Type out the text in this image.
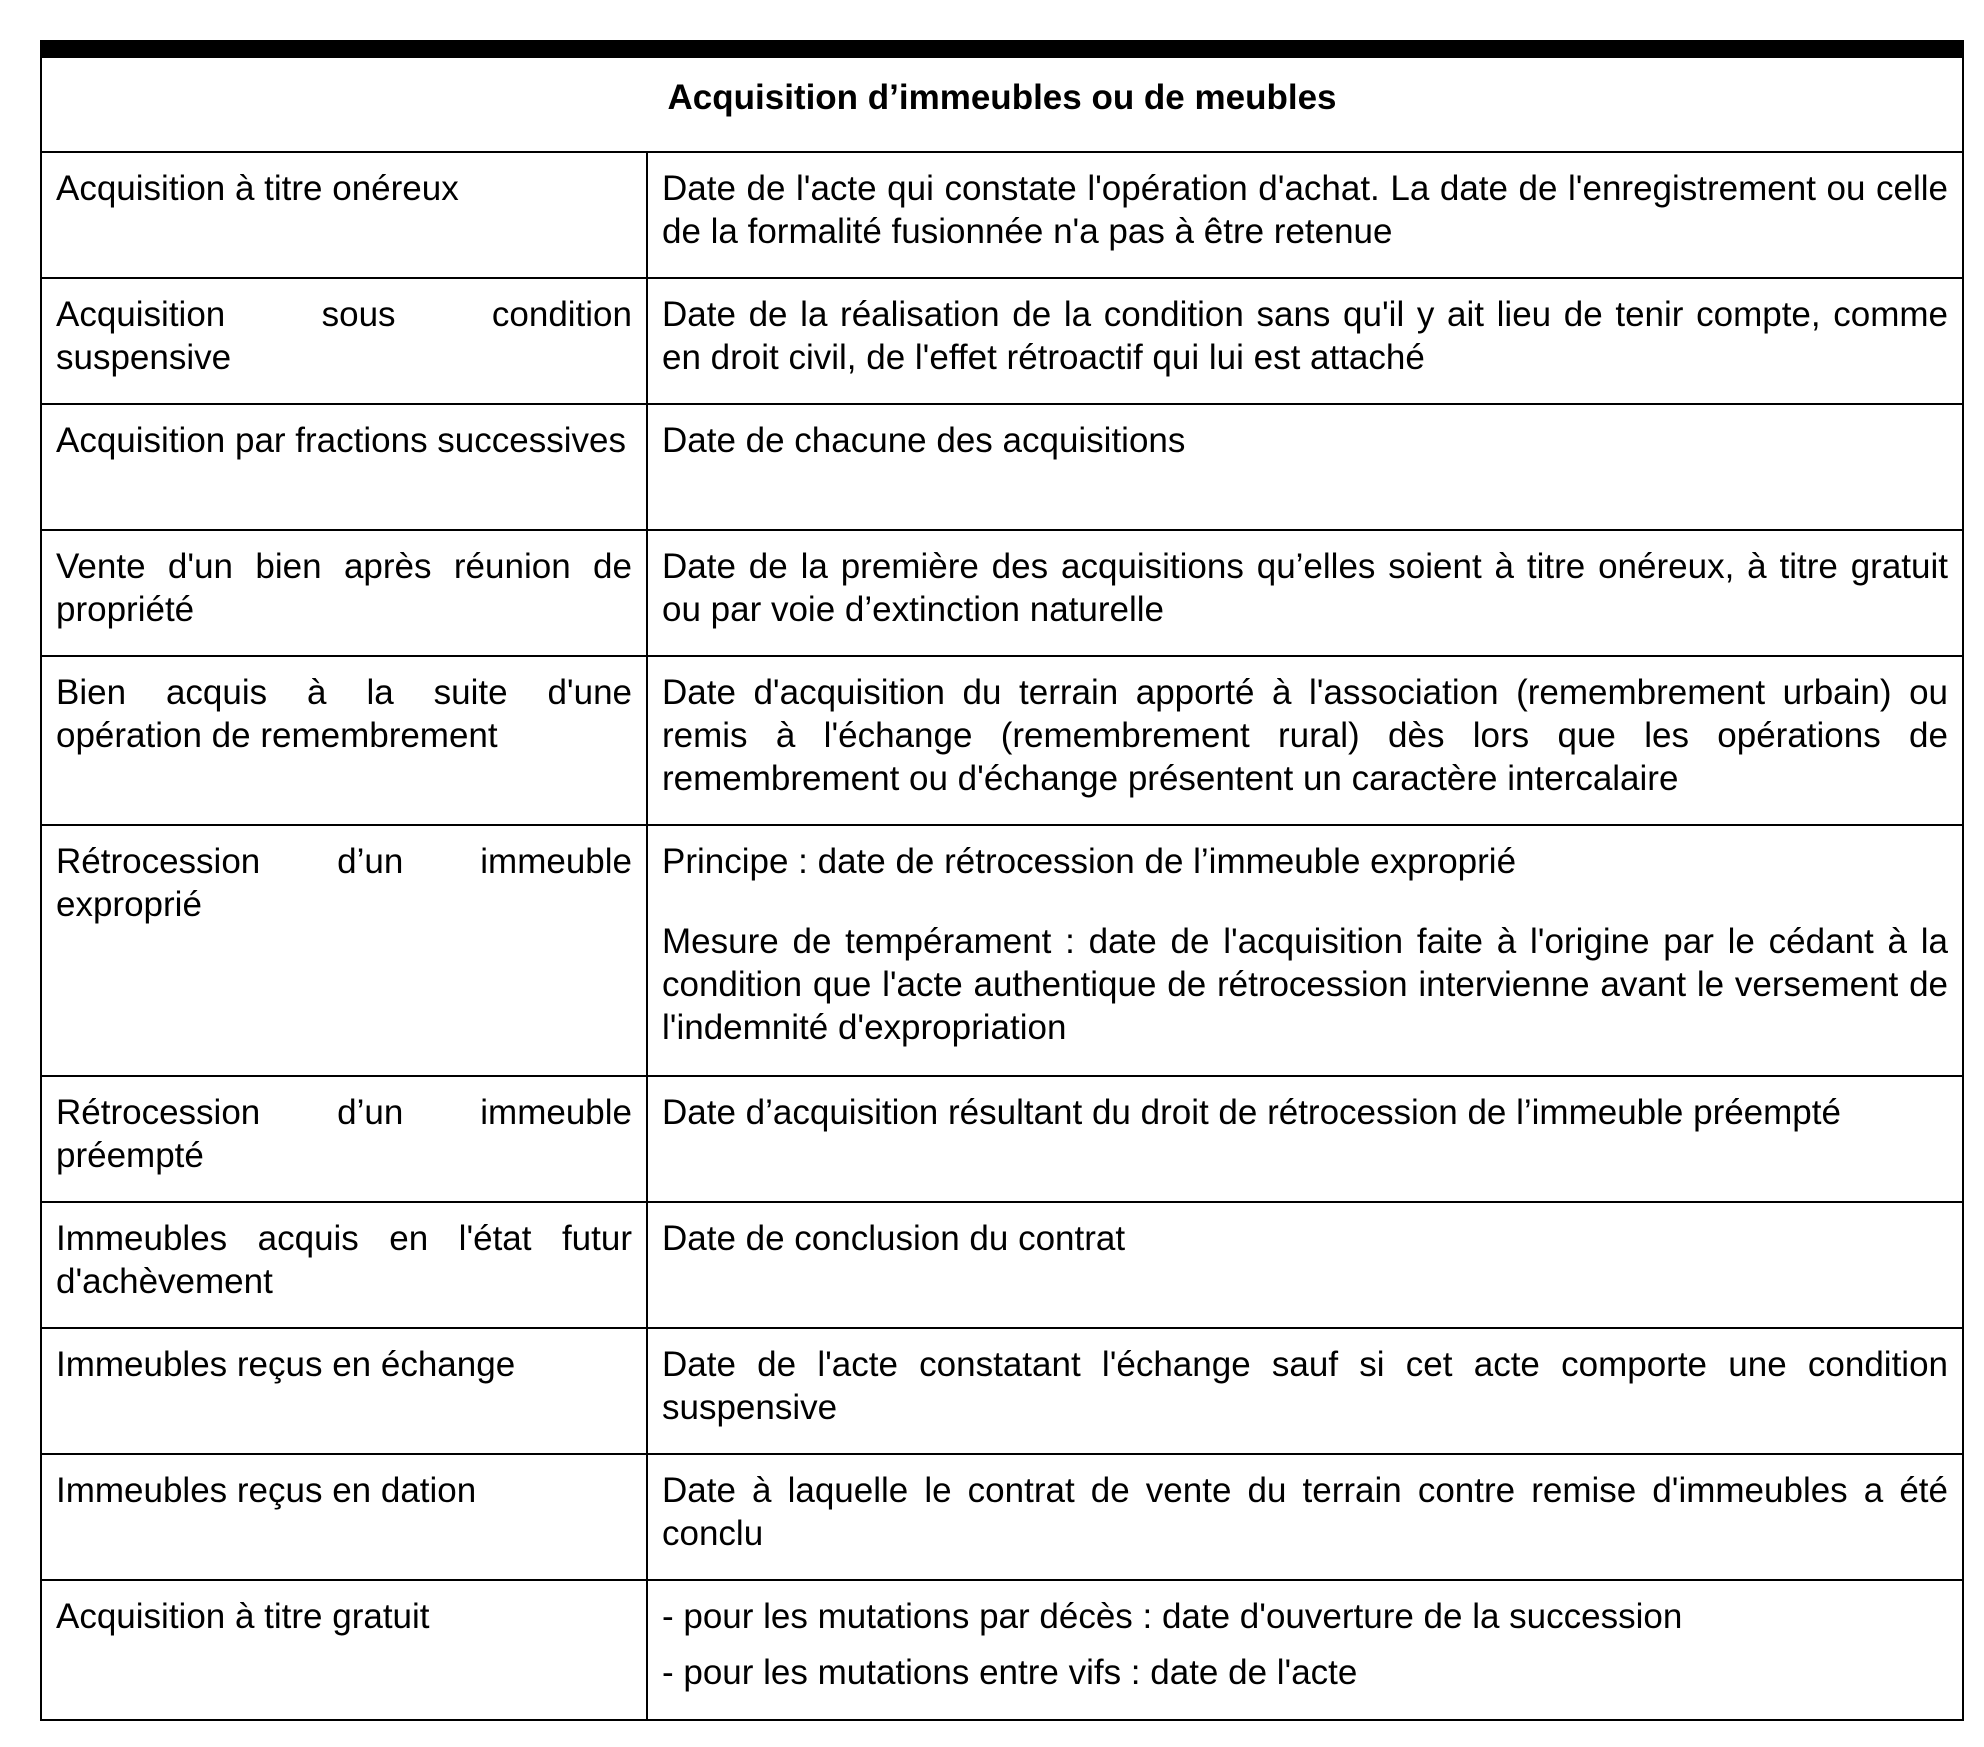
Acquisition d’immeubles ou de meubles	
Acquisition à titre onéreux	Date de l'acte qui constate l'opération d'achat. La date de l'enregistrement ou celle de la formalité fusionnée n'a pas à être retenue

Acquisition sous condition suspensive	Date de la réalisation de la condition sans qu'il y ait lieu de tenir compte, comme en droit civil, de l'effet rétroactif qui lui est attaché

Acquisition par fractions successives	Date de chacune des acquisitions

Vente d'un bien après réunion de propriété	Date de la première des acquisitions qu’elles soient à titre onéreux, à titre gratuit ou par voie d’extinction naturelle

Bien acquis à la suite d'une opération de remembrement	Date d'acquisition du terrain apporté à l'association (remembrement urbain) ou remis à l'échange (remembrement rural) dès lors que les opérations de remembrement ou d'échange présentent un caractère intercalaire

Rétrocession d’un immeuble exproprié	Principe : date de rétrocession de l’immeuble exproprié
Mesure de tempérament : date de l'acquisition faite à l'origine par le cédant à la condition que l'acte authentique de rétrocession intervienne avant le versement de l'indemnité d'expropriation

Rétrocession d’un immeuble préempté	Date d’acquisition résultant du droit de rétrocession de l’immeuble préempté

Immeubles acquis en l'état futur d'achèvement	Date de conclusion du contrat

Immeubles reçus en échange	Date de l'acte constatant l'échange sauf si cet acte comporte une condition suspensive

Immeubles reçus en dation	Date à laquelle le contrat de vente du terrain contre remise d'immeubles a été conclu

Acquisition à titre gratuit	- pour les mutations par décès : date d'ouverture de la succession
- pour les mutations entre vifs : date de l'acte
